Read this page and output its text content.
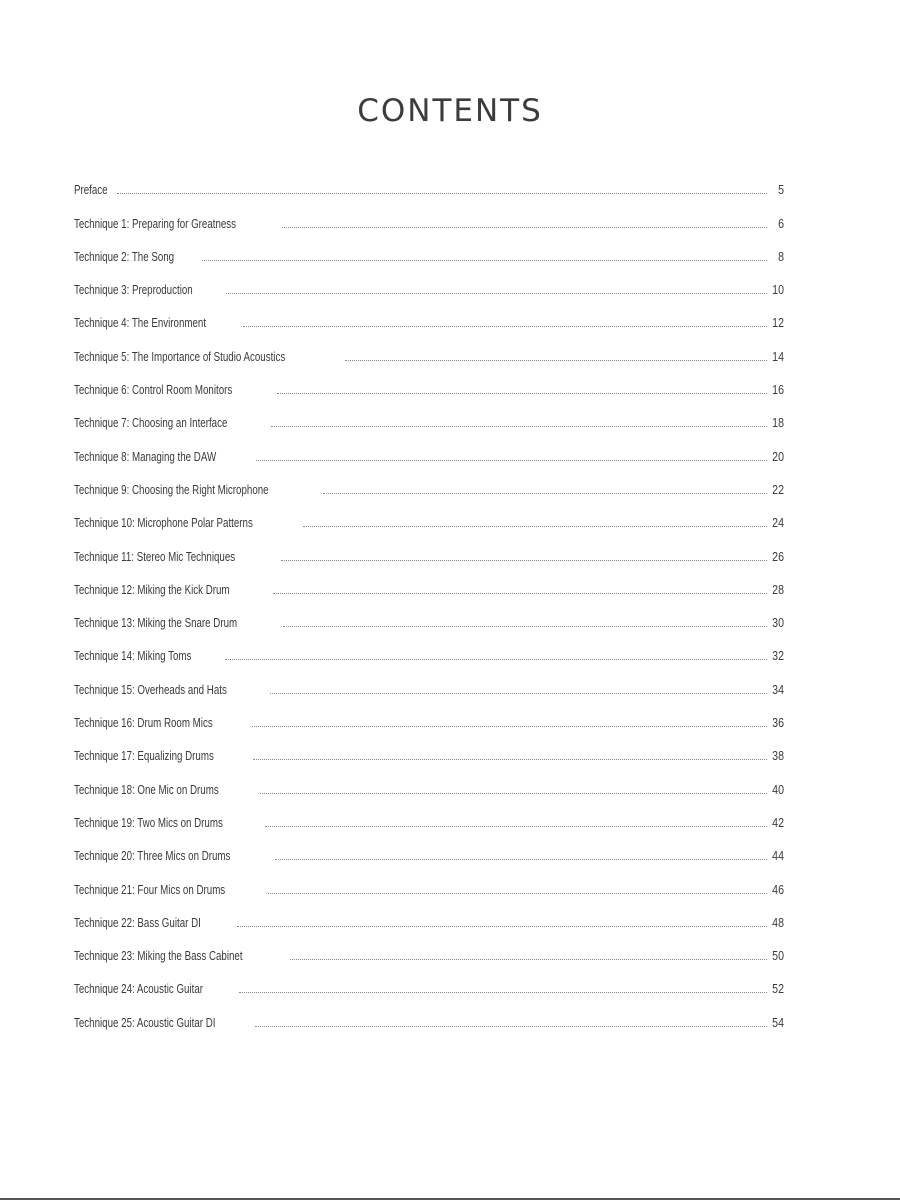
CONTENTS
Preface	5
Technique 1: Preparing for Greatness	6
Technique 2: The Song	8
Technique 3: Preproduction	10
Technique 4: The Environment	12
Technique 5: The Importance of Studio Acoustics	14
Technique 6: Control Room Monitors	16
Technique 7: Choosing an Interface	18
Technique 8: Managing the DAW	20
Technique 9: Choosing the Right Microphone	22
Technique 10: Microphone Polar Patterns	24
Technique 11: Stereo Mic Techniques	26
Technique 12: Miking the Kick Drum	28
Technique 13: Miking the Snare Drum	30
Technique 14: Miking Toms	32
Technique 15: Overheads and Hats	34
Technique 16: Drum Room Mics	36
Technique 17: Equalizing Drums	38
Technique 18: One Mic on Drums	40
Technique 19: Two Mics on Drums	42
Technique 20: Three Mics on Drums	44
Technique 21: Four Mics on Drums	46
Technique 22: Bass Guitar DI	48
Technique 23: Miking the Bass Cabinet	50
Technique 24: Acoustic Guitar	52
Technique 25: Acoustic Guitar DI	54
